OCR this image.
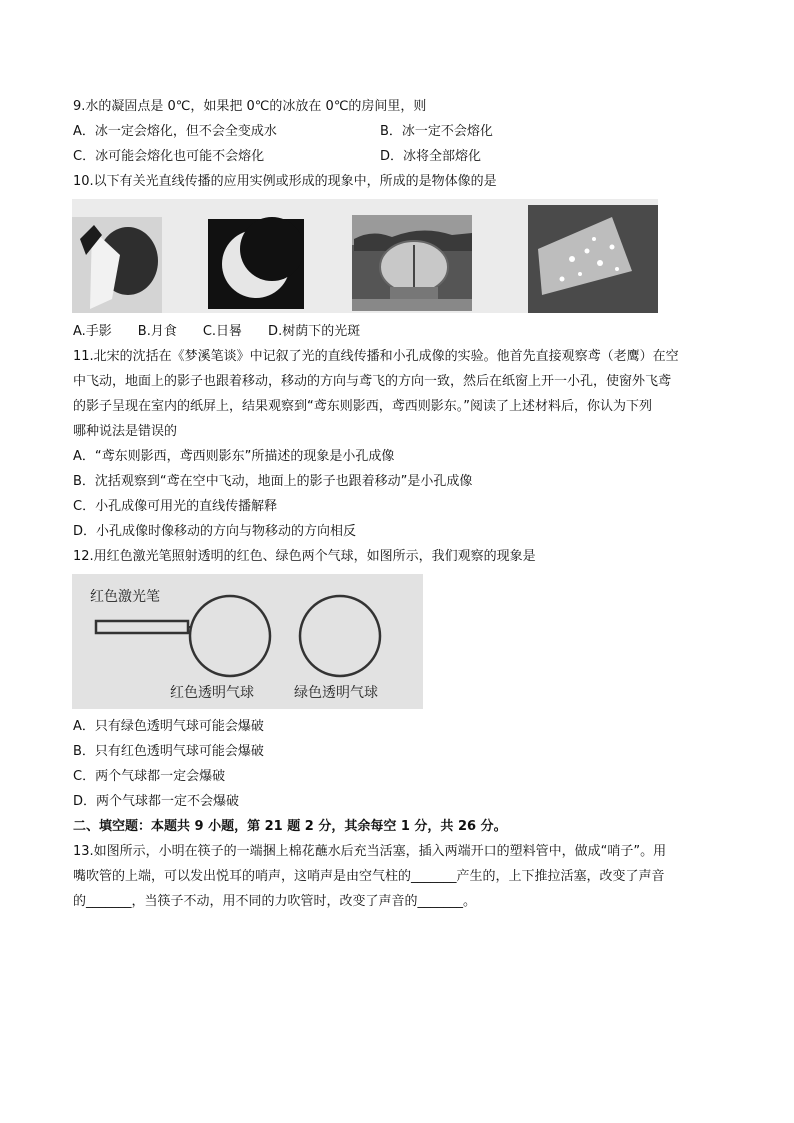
9.水的凝固点是 0℃，如果把 0℃的冰放在 0℃的房间里，则
A．冰一定会熔化，但不会全变成水	B．冰一定不会熔化
C．冰可能会熔化也可能不会熔化	D．冰将全部熔化
10.以下有关光直线传播的应用实例或形成的现象中，所成的是物体像的是
A.手影　　B.月食　　C.日晷　　D.树荫下的光斑
11.北宋的沈括在《梦溪笔谈》中记叙了光的直线传播和小孔成像的实验。他首先直接观察鸢（老鹰）在空
中飞动，地面上的影子也跟着移动，移动的方向与鸢飞的方向一致，然后在纸窗上开一小孔，使窗外飞鸢
的影子呈现在室内的纸屏上，结果观察到“鸢东则影西，鸢西则影东。”阅读了上述材料后，你认为下列
哪种说法是错误的
A．“鸢东则影西，鸢西则影东”所描述的现象是小孔成像
B．沈括观察到“鸢在空中飞动，地面上的影子也跟着移动”是小孔成像
C．小孔成像可用光的直线传播解释
D．小孔成像时像移动的方向与物移动的方向相反
12.用红色激光笔照射透明的红色、绿色两个气球，如图所示，我们观察的现象是
红色激光笔
红色透明气球	绿色透明气球
A．只有绿色透明气球可能会爆破
B．只有红色透明气球可能会爆破
C．两个气球都一定会爆破
D．两个气球都一定不会爆破
二、填空题：本题共 9 小题，第 21 题 2 分，其余每空 1 分，共 26 分。
13.如图所示，小明在筷子的一端捆上棉花蘸水后充当活塞，插入两端开口的塑料管中，做成“哨子”。用
嘴吹管的上端，可以发出悦耳的哨声，这哨声是由空气柱的_______产生的，上下推拉活塞，改变了声音
的_______，当筷子不动，用不同的力吹管时，改变了声音的_______。
